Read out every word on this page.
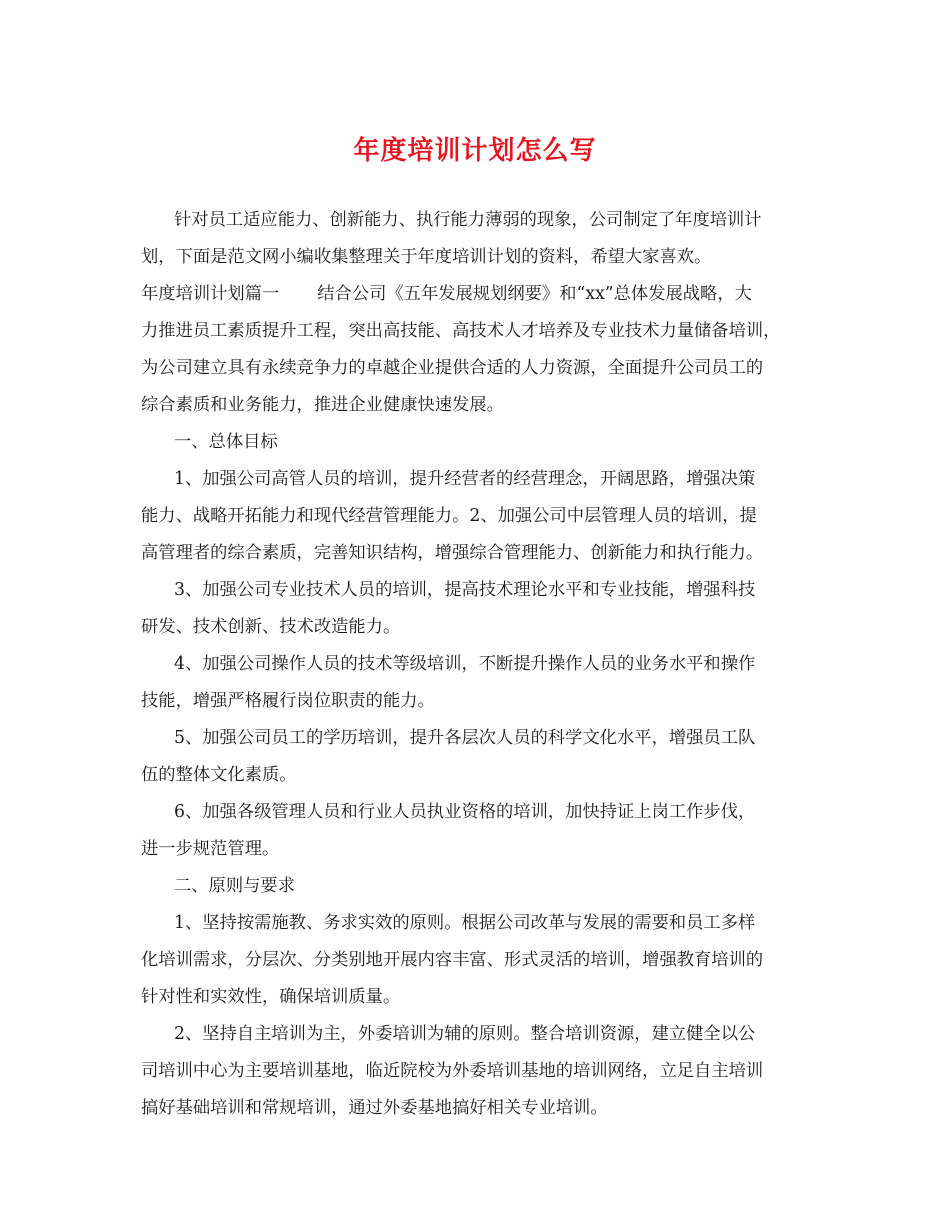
年度培训计划怎么写
针对员工适应能力、创新能力、执行能力薄弱的现象，公司制定了年度培训计
划，下面是范文网小编收集整理关于年度培训计划的资料，希望大家喜欢。
年度培训计划篇一 结合公司《五年发展规划纲要》和“xx”总体发展战略，大
力推进员工素质提升工程，突出高技能、高技术人才培养及专业技术力量储备培训，
为公司建立具有永续竞争力的卓越企业提供合适的人力资源，全面提升公司员工的
综合素质和业务能力，推进企业健康快速发展。
一、总体目标
1、加强公司高管人员的培训，提升经营者的经营理念，开阔思路，增强决策
能力、战略开拓能力和现代经营管理能力。2、加强公司中层管理人员的培训，提
高管理者的综合素质，完善知识结构，增强综合管理能力、创新能力和执行能力。
3、加强公司专业技术人员的培训，提高技术理论水平和专业技能，增强科技
研发、技术创新、技术改造能力。
4、加强公司操作人员的技术等级培训，不断提升操作人员的业务水平和操作
技能，增强严格履行岗位职责的能力。
5、加强公司员工的学历培训，提升各层次人员的科学文化水平，增强员工队
伍的整体文化素质。
6、加强各级管理人员和行业人员执业资格的培训，加快持证上岗工作步伐，
进一步规范管理。
二、原则与要求
1、坚持按需施教、务求实效的原则。根据公司改革与发展的需要和员工多样
化培训需求，分层次、分类别地开展内容丰富、形式灵活的培训，增强教育培训的
针对性和实效性，确保培训质量。
2、坚持自主培训为主，外委培训为辅的原则。整合培训资源，建立健全以公
司培训中心为主要培训基地，临近院校为外委培训基地的培训网络，立足自主培训
搞好基础培训和常规培训，通过外委基地搞好相关专业培训。
